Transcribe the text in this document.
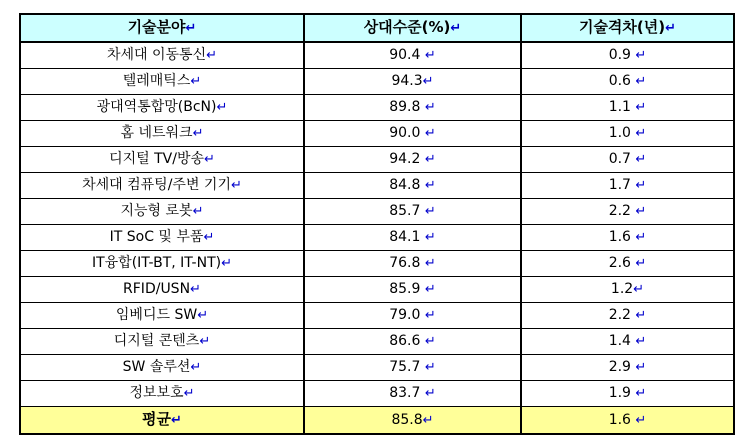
기술분야↵	상대수준(%)↵	기술격차(년)↵
차세대 이동통신↵	90.4 ↵	0.9 ↵
텔레매틱스↵	94.3↵	0.6 ↵
광대역통합망(BcN)↵	89.8 ↵	1.1 ↵
홈 네트워크↵	90.0 ↵	1.0 ↵
디지털 TV/방송↵	94.2 ↵	0.7 ↵
차세대 컴퓨팅/주변 기기↵	84.8 ↵	1.7 ↵
지능형 로봇↵	85.7 ↵	2.2 ↵
IT SoC 및 부품↵	84.1 ↵	1.6 ↵
IT융합(IT-BT, IT-NT)↵	76.8 ↵	2.6 ↵
RFID/USN↵	85.9 ↵	1.2↵
임베디드 SW↵	79.0 ↵	2.2 ↵
디지털 콘텐츠↵	86.6 ↵	1.4 ↵
SW 솔루션↵	75.7 ↵	2.9 ↵
정보보호↵	83.7 ↵	1.9 ↵
평균↵	85.8↵	1.6 ↵
